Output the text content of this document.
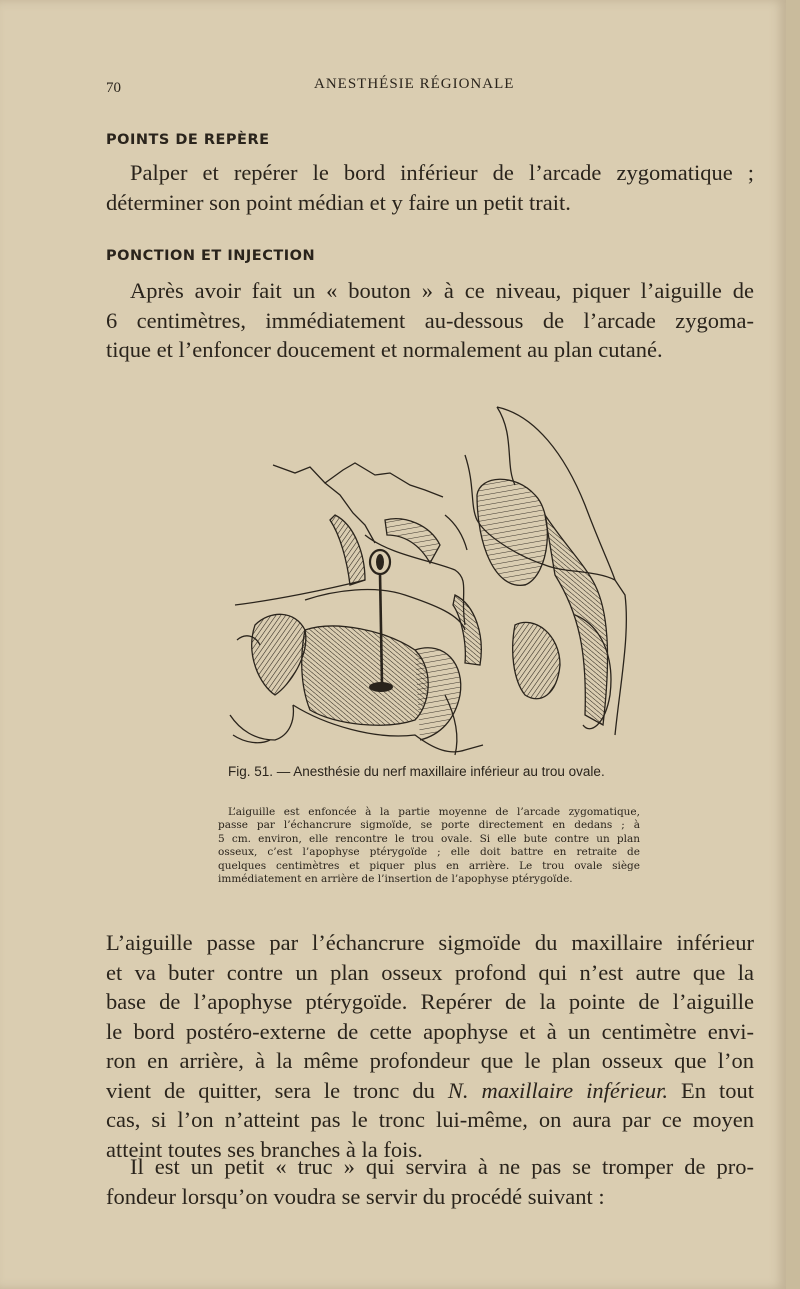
70	ANESTHÉSIE RÉGIONALE
POINTS DE REPÈRE

Palper et repérer le bord inférieur de l’arcade zygomatique ;
déterminer son point médian et y faire un petit trait.

PONCTION ET INJECTION

Après avoir fait un « bouton » à ce niveau, piquer l’aiguille de
6 centimètres, immédiatement au-dessous de l’arcade zygoma-
tique et l’enfoncer doucement et normalement au plan cutané.

Fig. 51. — Anesthésie du nerf maxillaire inférieur au trou ovale.
L’aiguille est enfoncée à la partie moyenne de l’arcade zygomatique,
passe par l’échancrure sigmoïde, se porte directement en dedans ; à
5 cm. environ, elle rencontre le trou ovale. Si elle bute contre un plan
osseux, c’est l’apophyse ptérygoïde ; elle doit battre en retraite de
quelques centimètres et piquer plus en arrière. Le trou ovale siège
immédiatement en arrière de l’insertion de l’apophyse ptérygoïde.

L’aiguille passe par l’échancrure sigmoïde du maxillaire inférieur
et va buter contre un plan osseux profond qui n’est autre que la
base de l’apophyse ptérygoïde. Repérer de la pointe de l’aiguille
le bord postéro-externe de cette apophyse et à un centimètre envi-
ron en arrière, à la même profondeur que le plan osseux que l’on
vient de quitter, sera le tronc du N. maxillaire inférieur. En tout
cas, si l’on n’atteint pas le tronc lui-même, on aura par ce moyen
atteint toutes ses branches à la fois.

Il est un petit « truc » qui servira à ne pas se tromper de pro-
fondeur lorsqu’on voudra se servir du procédé suivant :
